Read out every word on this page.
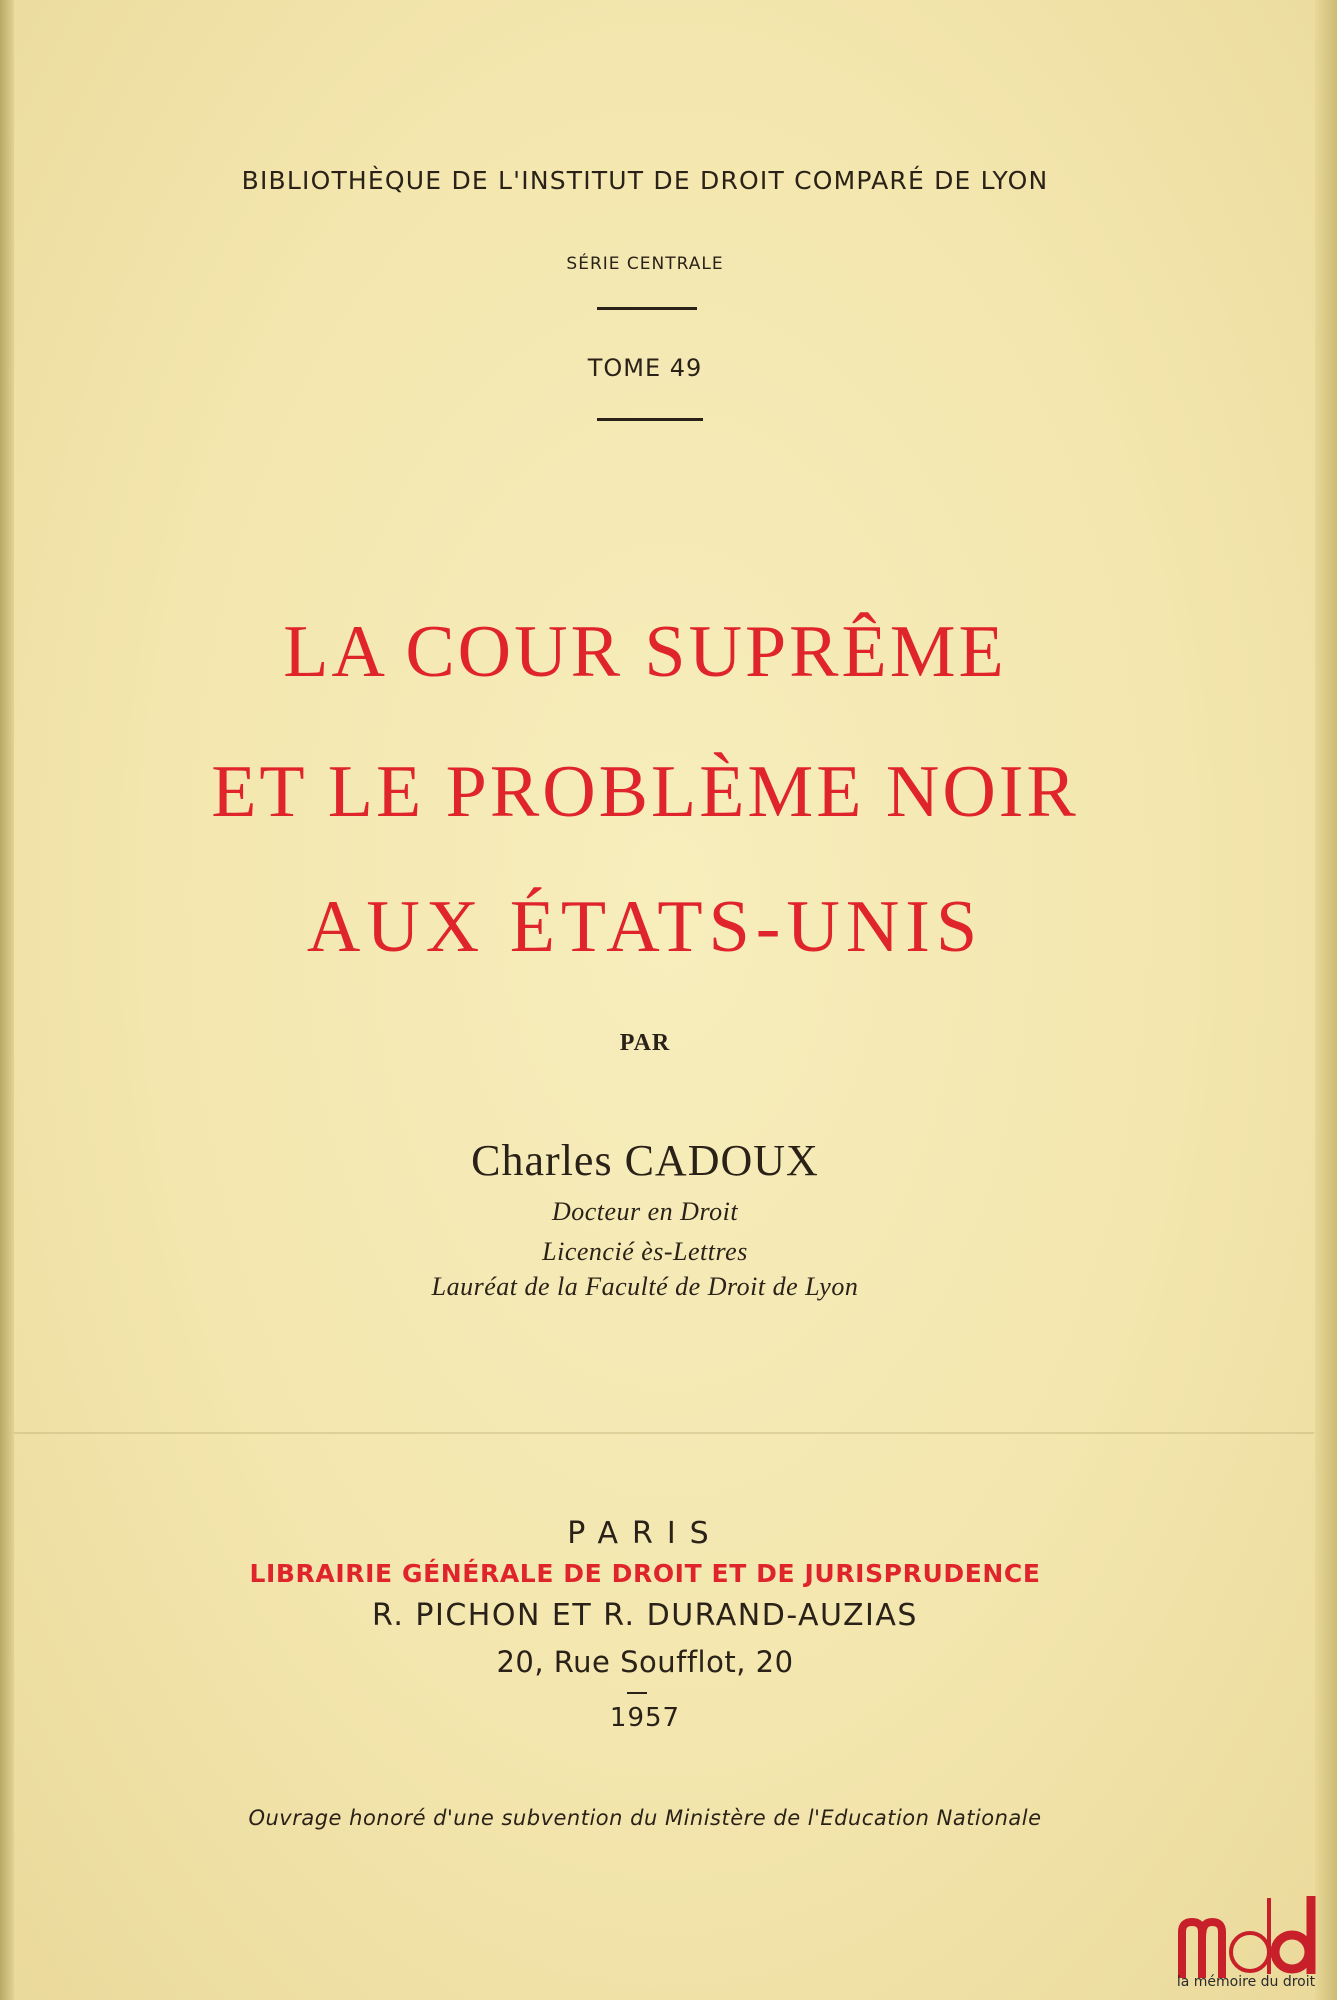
BIBLIOTHÈQUE DE L'INSTITUT DE DROIT COMPARÉ DE LYON
SÉRIE CENTRALE
TOME 49
LA COUR SUPRÊME
ET LE PROBLÈME NOIR
AUX ÉTATS-UNIS
PAR
Charles CADOUX
Docteur en Droit
Licencié ès-Lettres
Lauréat de la Faculté de Droit de Lyon
PARIS
LIBRAIRIE GÉNÉRALE DE DROIT ET DE JURISPRUDENCE
R. PICHON ET R. DURAND-AUZIAS
20, Rue Soufflot, 20
1957
Ouvrage honoré d'une subvention du Ministère de l'Education Nationale
la mémoire du droit
